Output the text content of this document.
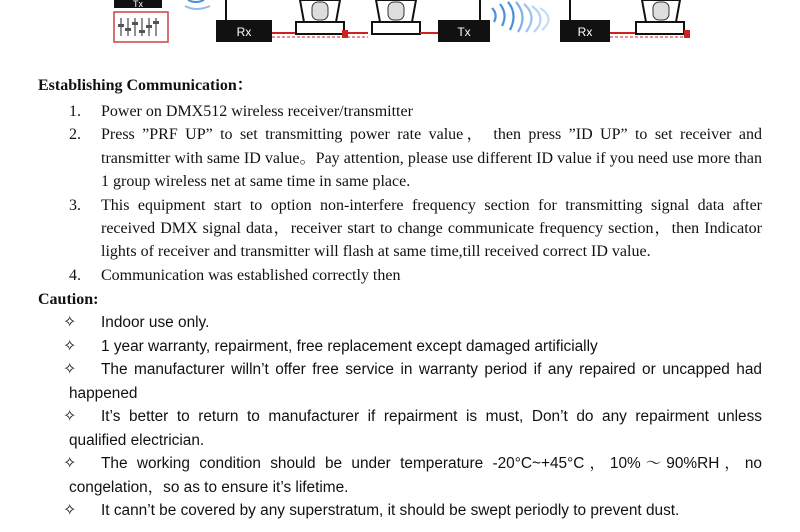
Tx
Rx	Tx	Rx
Establishing Communication：
1. Power on DMX512 wireless receiver/transmitter
2. Press ”PRF UP” to set transmitting power rate value， then press ”ID UP” to set receiver and transmitter with same ID value。Pay attention, please use different ID value if you need use more than 1 group wireless net at same time in same place.
3. This equipment start to option non-interfere frequency section for transmitting signal data after received DMX signal data，receiver start to change communicate frequency section，then Indicator lights of receiver and transmitter will flash at same time,till received correct ID value.
4. Communication was established correctly then
Caution:
✧	Indoor use only.
✧	1 year warranty, repairment, free replacement except damaged artificially
✧	The manufacturer willn’t offer free service in warranty period if any repaired or uncapped had happened
✧	It’s better to return to manufacturer if repairment is must, Don’t do any repairment unless qualified electrician.
✧	The working condition should be under temperature -20°C~+45°C，10%～90%RH，no congelation，so as to ensure it’s lifetime.
✧	It cann’t be covered by any superstratum, it should be swept periodly to prevent dust.
